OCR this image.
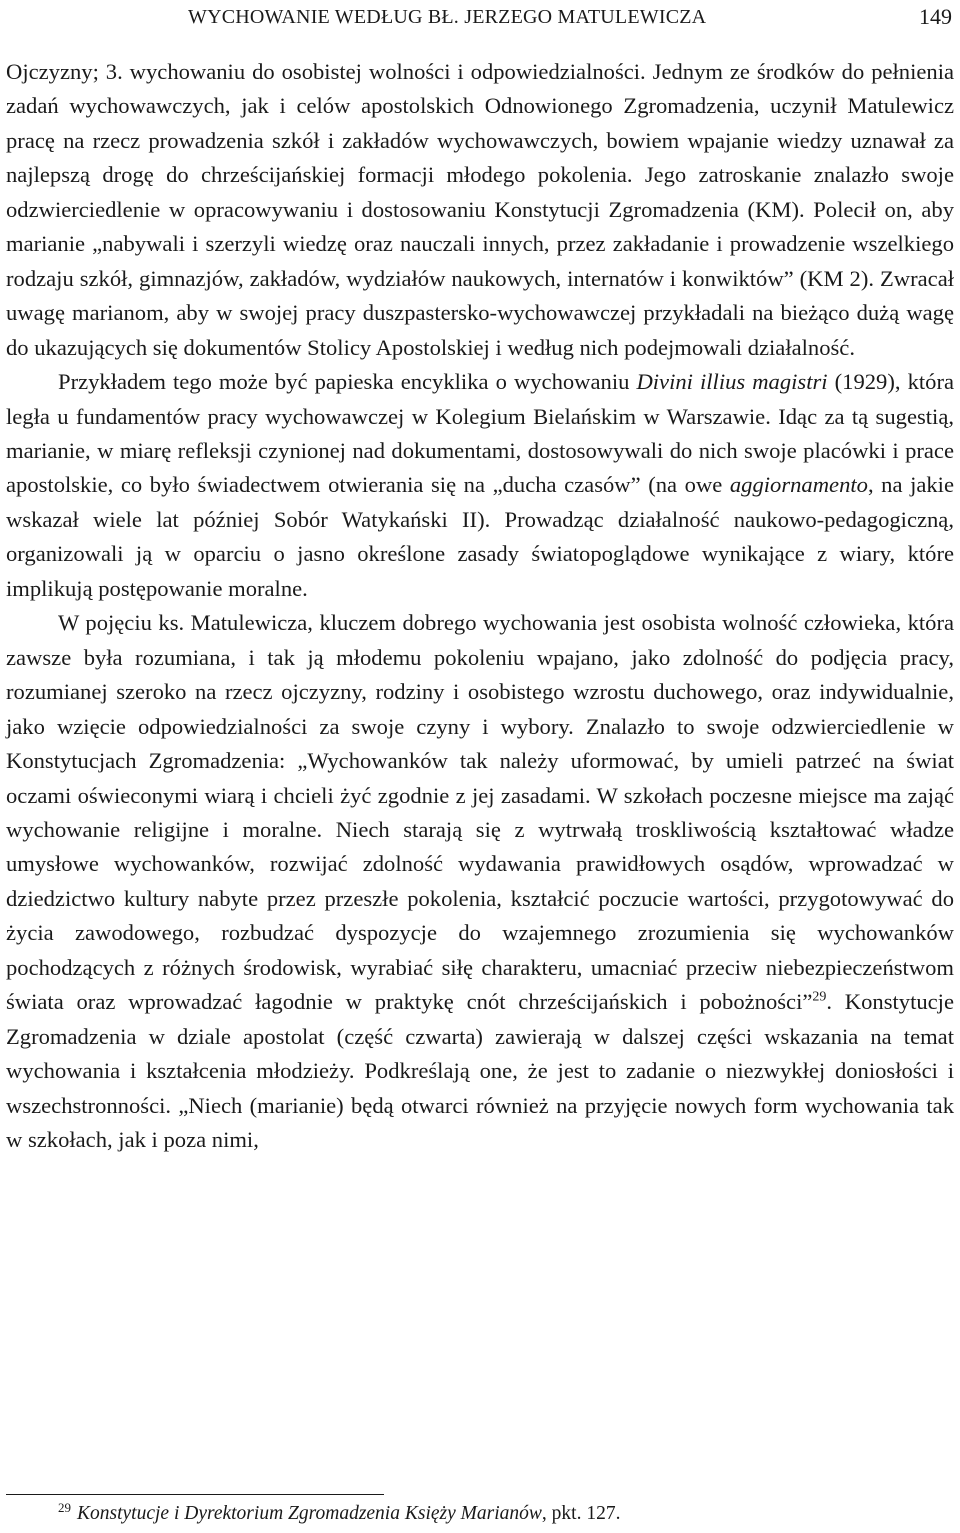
WYCHOWANIE WEDŁUG BŁ. JERZEGO MATULEWICZA	149

Ojczyzny; 3. wychowaniu do osobistej wolności i odpowiedzialności. Jednym ze środków do pełnienia zadań wychowawczych, jak i celów apostolskich Odnowionego Zgromadzenia, uczynił Matulewicz pracę na rzecz prowadzenia szkół i zakładów wychowawczych, bowiem wpajanie wiedzy uznawał za najlepszą drogę do chrześcijańskiej formacji młodego pokolenia. Jego zatroskanie znalazło swoje odzwierciedlenie w opracowywaniu i dostosowaniu Konstytucji Zgromadzenia (KM). Polecił on, aby marianie „nabywali i szerzyli wiedzę oraz nauczali innych, przez zakładanie i prowadzenie wszelkiego rodzaju szkół, gimnazjów, zakładów, wydziałów naukowych, internatów i konwiktów” (KM 2). Zwracał uwagę marianom, aby w swojej pracy duszpastersko-wychowawczej przykładali na bieżąco dużą wagę do ukazujących się dokumentów Stolicy Apostolskiej i według nich podejmowali działalność.

Przykładem tego może być papieska encyklika o wychowaniu Divini illius magistri (1929), która legła u fundamentów pracy wychowawczej w Kolegium Bielańskim w Warszawie. Idąc za tą sugestią, marianie, w miarę refleksji czynionej nad dokumentami, dostosowywali do nich swoje placówki i prace apostolskie, co było świadectwem otwierania się na „ducha czasów” (na owe aggiornamento, na jakie wskazał wiele lat później Sobór Watykański II). Prowadząc działalność naukowo-pedagogiczną, organizowali ją w oparciu o jasno określone zasady światopoglądowe wynikające z wiary, które implikują postępowanie moralne.

W pojęciu ks. Matulewicza, kluczem dobrego wychowania jest osobista wolność człowieka, która zawsze była rozumiana, i tak ją młodemu pokoleniu wpajano, jako zdolność do podjęcia pracy, rozumianej szeroko na rzecz ojczyzny, rodziny i osobistego wzrostu duchowego, oraz indywidualnie, jako wzięcie odpowiedzialności za swoje czyny i wybory. Znalazło to swoje odzwierciedlenie w Konstytucjach Zgromadzenia: „Wychowanków tak należy uformować, by umieli patrzeć na świat oczami oświeconymi wiarą i chcieli żyć zgodnie z jej zasadami. W szkołach poczesne miejsce ma zająć wychowanie religijne i moralne. Niech starają się z wytrwałą troskliwością kształtować władze umysłowe wychowanków, rozwijać zdolność wydawania prawidłowych osądów, wprowadzać w dziedzictwo kultury nabyte przez przeszłe pokolenia, kształcić poczucie wartości, przygotowywać do życia zawodowego, rozbudzać dyspozycje do wzajemnego zrozumienia się wychowanków pochodzących z różnych środowisk, wyrabiać siłę charakteru, umacniać przeciw niebezpieczeństwom świata oraz wprowadzać łagodnie w praktykę cnót chrześcijańskich i pobożności”$^{29}$. Konstytucje Zgromadzenia w dziale apostolat (część czwarta) zawierają w dalszej części wskazania na temat wychowania i kształcenia młodzieży. Podkreślają one, że jest to zadanie o niezwykłej doniosłości i wszechstronności. „Niech (marianie) będą otwarci również na przyjęcie nowych form wychowania tak w szkołach, jak i poza nimi,

$^{29}$ Konstytucje i Dyrektorium Zgromadzenia Księży Marianów, pkt. 127.
